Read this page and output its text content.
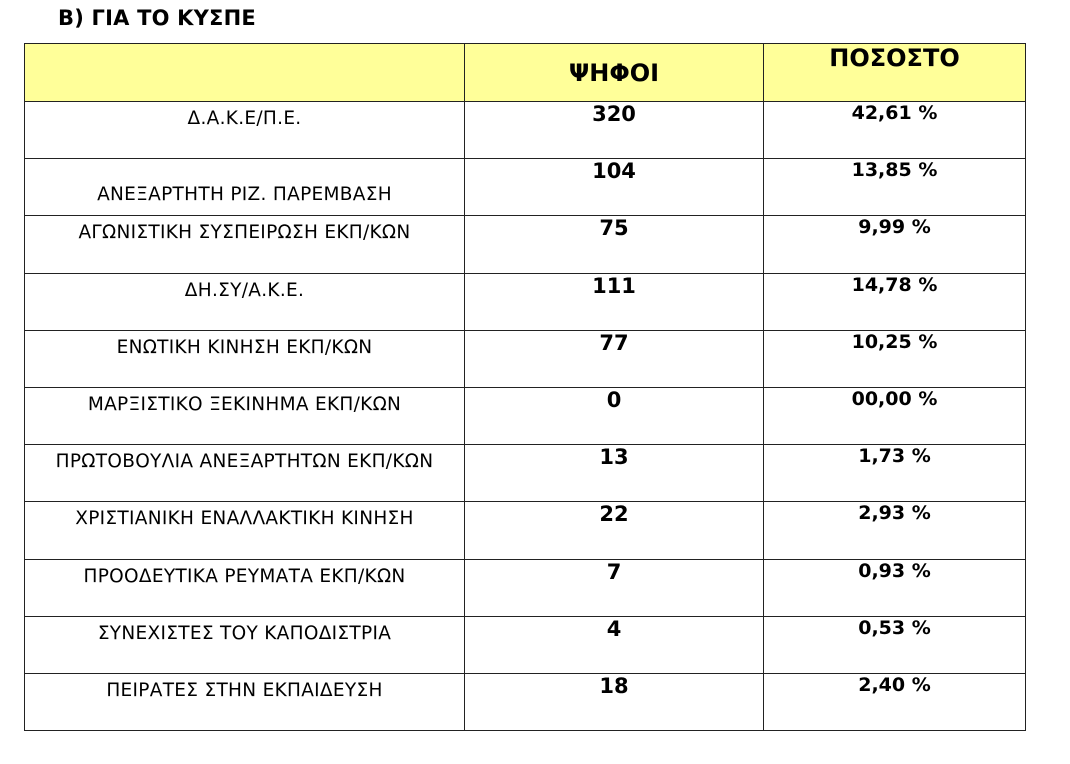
Β) ΓΙΑ ΤΟ ΚΥΣΠΕ
	ΨΗΦΟΙ	ΠΟΣΟΣΤΟ
Δ.Α.Κ.Ε/Π.Ε.	320	42,61 %
ΑΝΕΞΑΡΤΗΤΗ ΡΙΖ. ΠΑΡΕΜΒΑΣΗ	104	13,85 %
ΑΓΩΝΙΣΤΙΚΗ ΣΥΣΠΕΙΡΩΣΗ ΕΚΠ/ΚΩΝ	75	9,99 %
ΔΗ.ΣΥ/Α.Κ.Ε.	111	14,78 %
ΕΝΩΤΙΚΗ ΚΙΝΗΣΗ ΕΚΠ/ΚΩΝ	77	10,25 %
ΜΑΡΞΙΣΤΙΚΟ ΞΕΚΙΝΗΜΑ ΕΚΠ/ΚΩΝ	0	00,00 %
ΠΡΩΤΟΒΟΥΛΙΑ ΑΝΕΞΑΡΤΗΤΩΝ ΕΚΠ/ΚΩΝ	13	1,73 %
ΧΡΙΣΤΙΑΝΙΚΗ ΕΝΑΛΛΑΚΤΙΚΗ ΚΙΝΗΣΗ	22	2,93 %
ΠΡΟΟΔΕΥΤΙΚΑ ΡΕΥΜΑΤΑ ΕΚΠ/ΚΩΝ	7	0,93 %
ΣΥΝΕΧΙΣΤΕΣ ΤΟΥ ΚΑΠΟΔΙΣΤΡΙΑ	4	0,53 %
ΠΕΙΡΑΤΕΣ ΣΤΗΝ ΕΚΠΑΙΔΕΥΣΗ	18	2,40 %
